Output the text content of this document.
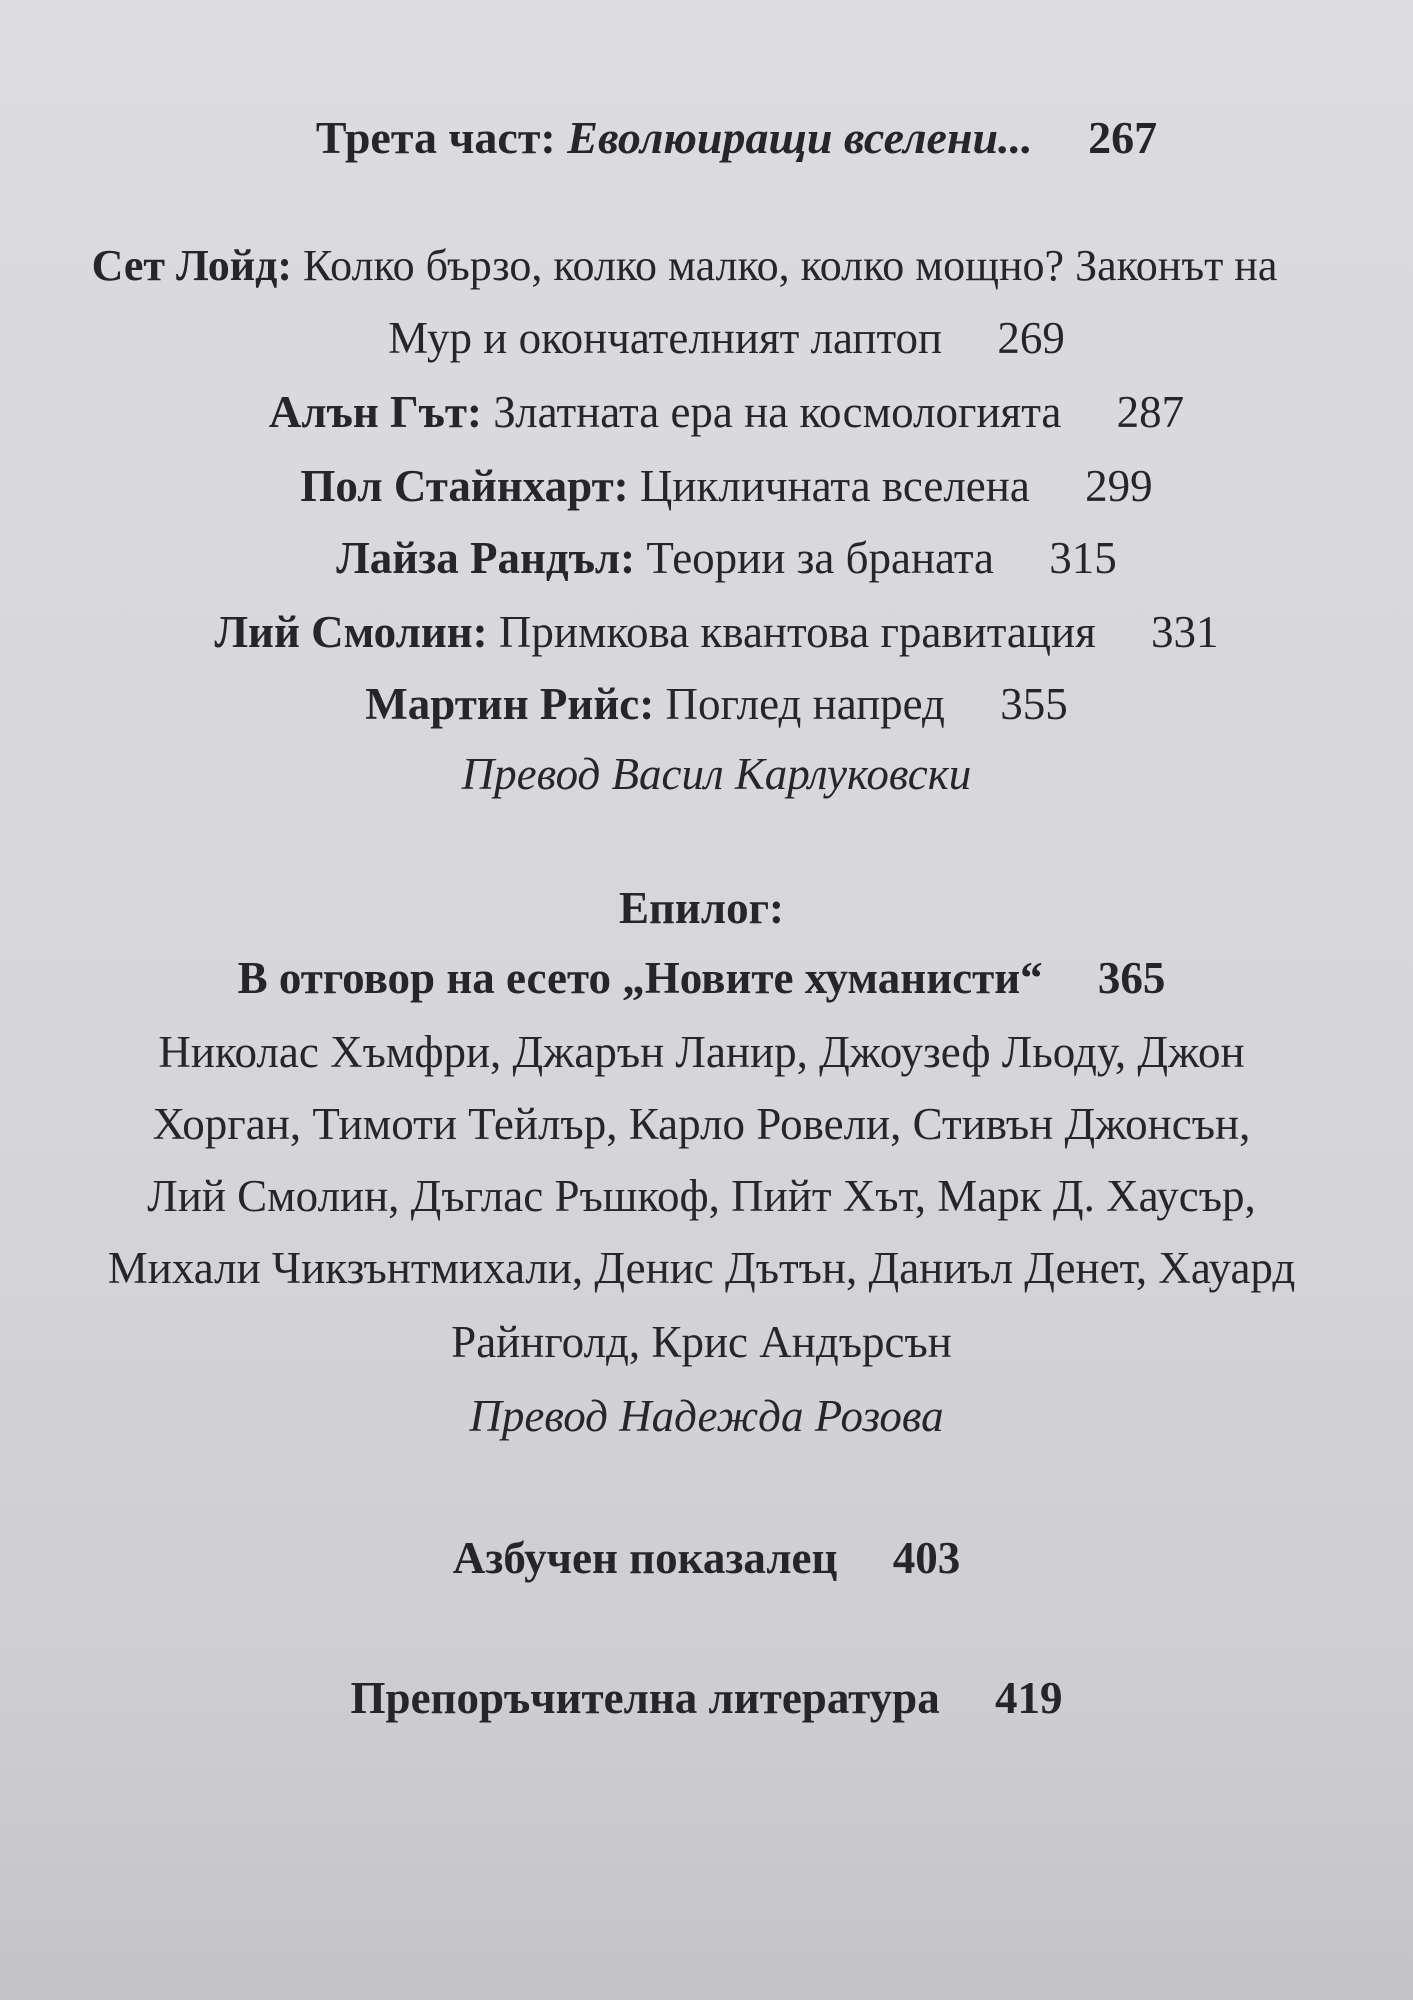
Трета част: Еволюиращи вселени... 267
Сет Лойд: Колко бързо, колко малко, колко мощно? Законът на
Мур и окончателният лаптоп 269
Алън Гът: Златната ера на космологията 287
Пол Стайнхарт: Цикличната вселена 299
Лайза Рандъл: Теории за браната 315
Лий Смолин: Примкова квантова гравитация 331
Мартин Рийс: Поглед напред 355
Превод Васил Карлуковски
Епилог:
В отговор на есето „Новите хуманисти“ 365
Николас Хъмфри, Джарън Ланир, Джоузеф Льоду, Джон
Хорган, Тимоти Тейлър, Карло Ровели, Стивън Джонсън,
Лий Смолин, Дъглас Ръшкоф, Пийт Хът, Марк Д. Хаусър,
Михали Чикзънтмихали, Денис Дътън, Даниъл Денет, Хауард
Райнголд, Крис Андърсън
Превод Надежда Розова
Азбучен показалец 403
Препоръчителна литература 419
